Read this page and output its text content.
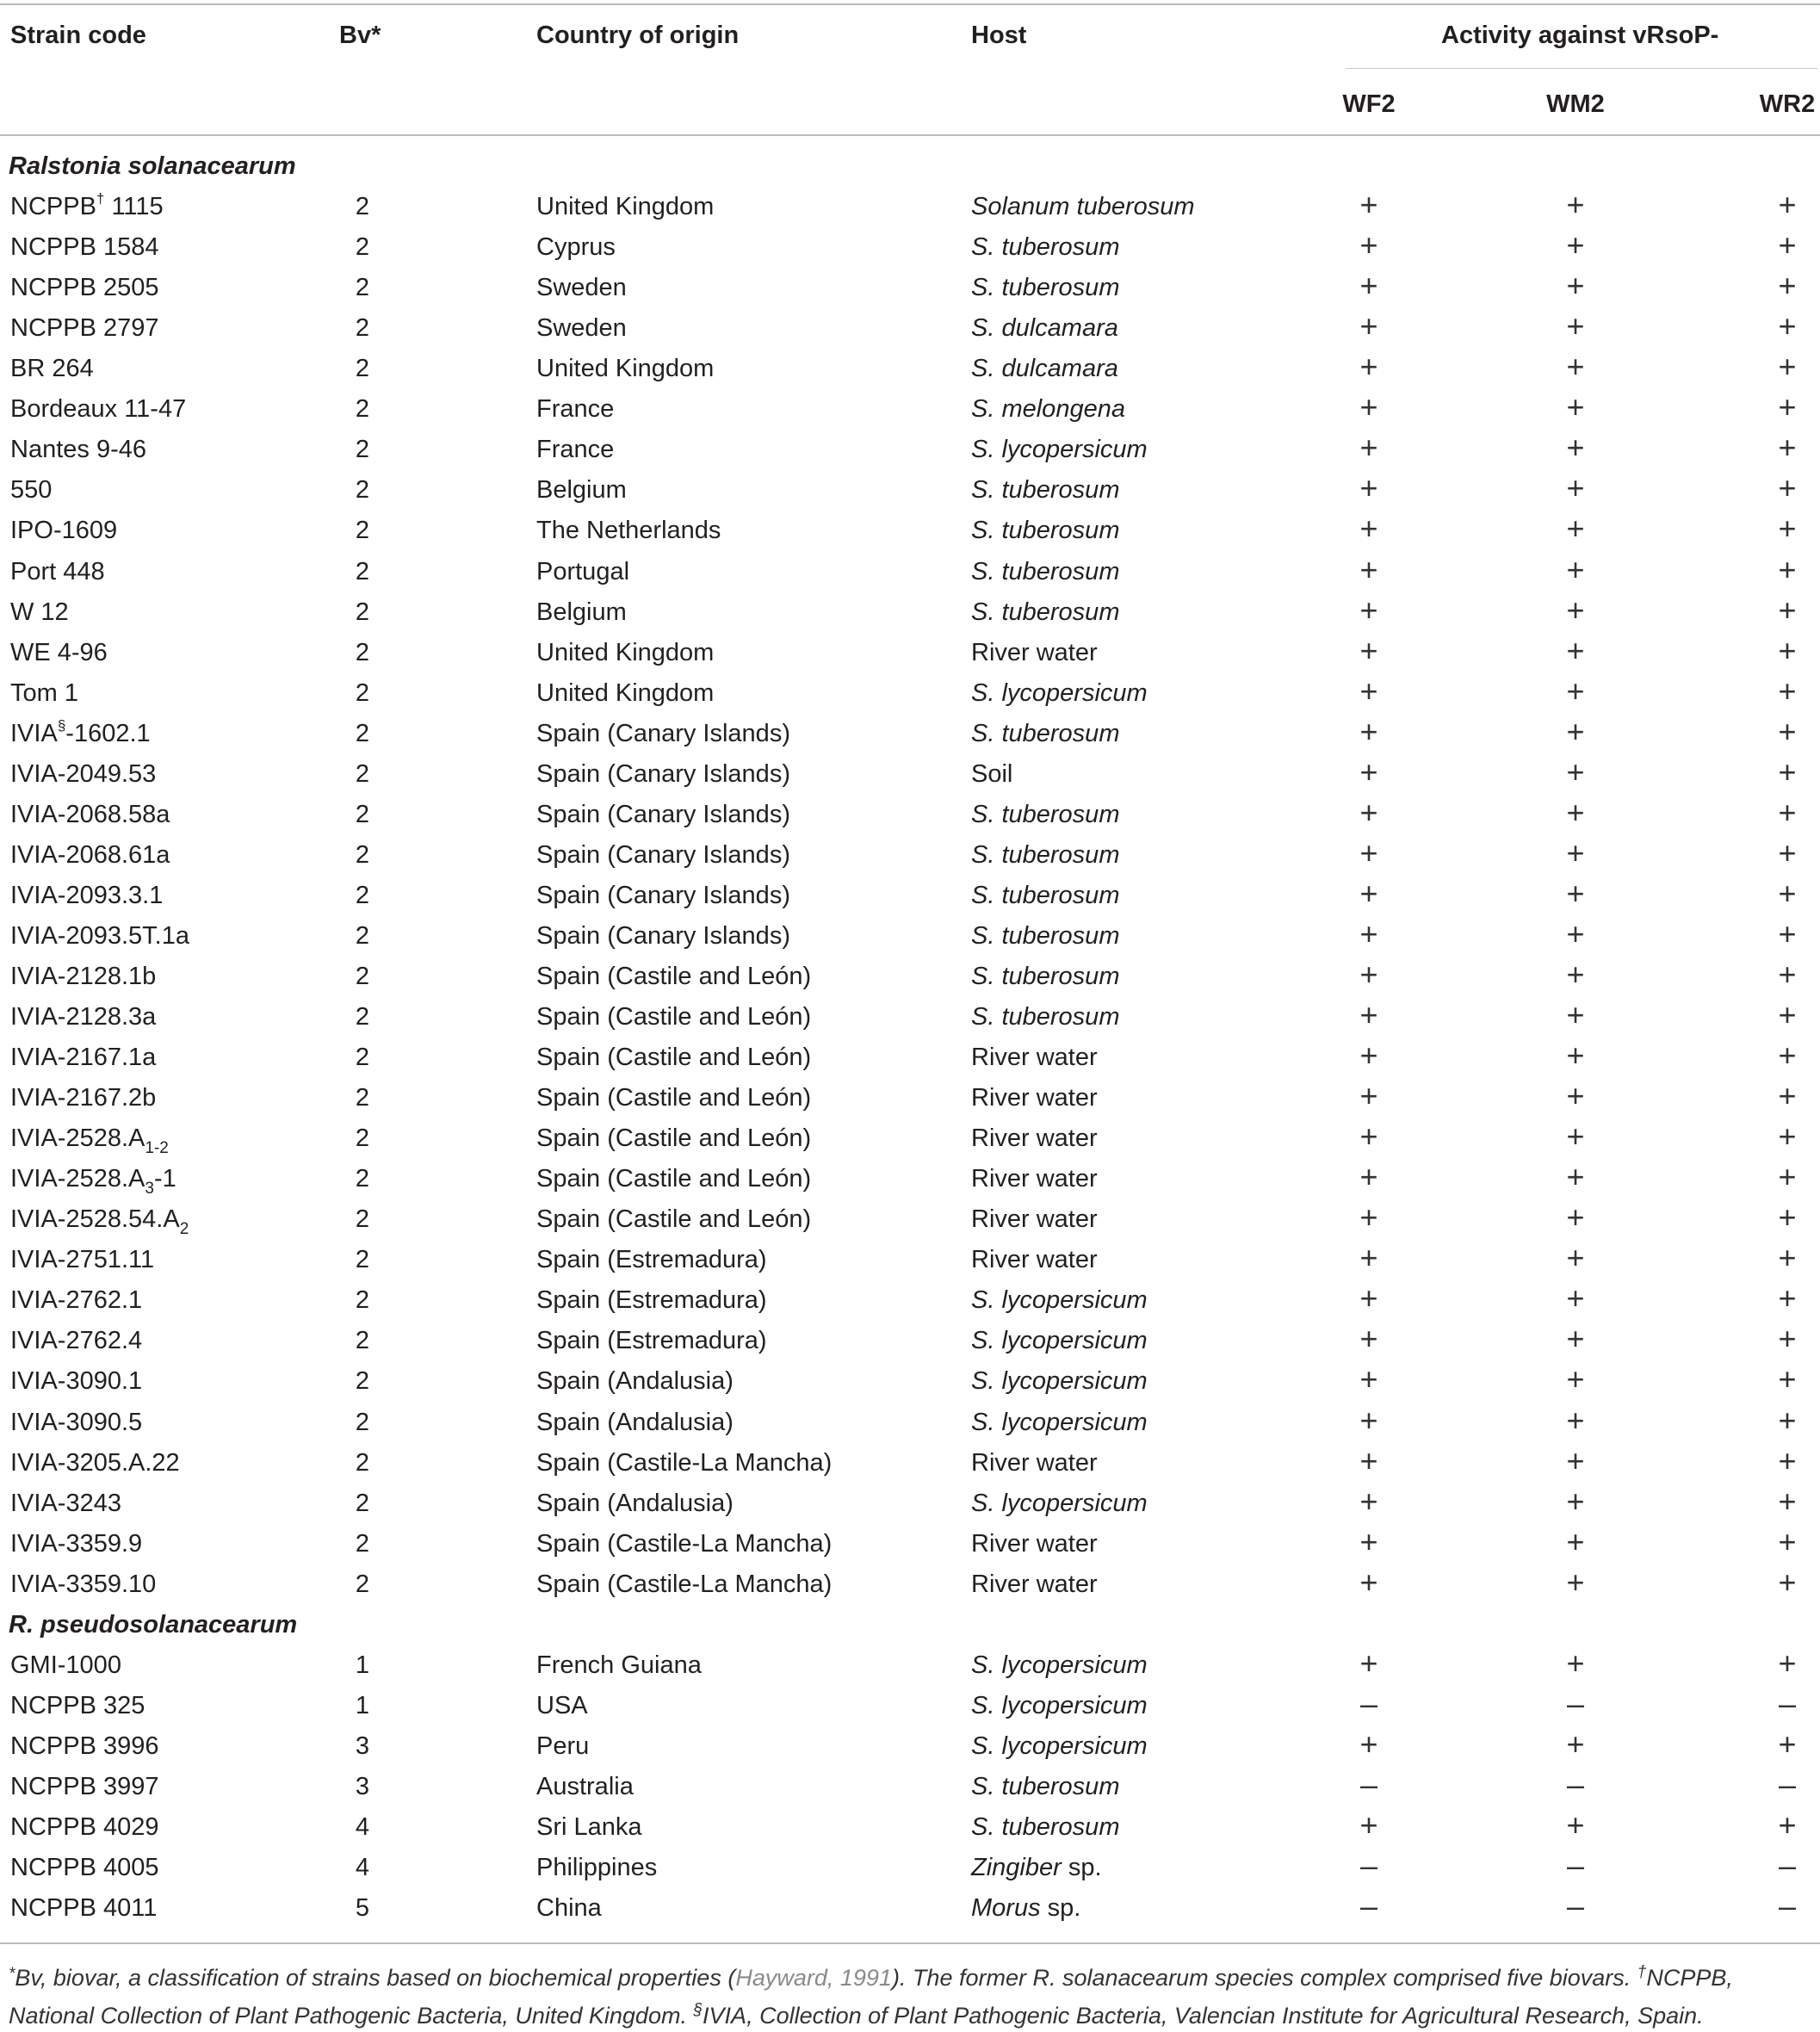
Strain code	Bv*	Country of origin	Host	Activity against vRsoP-
WF2	WM2	WR2
Ralstonia solanacearum
NCPPB† 1115	2	United Kingdom	Solanum tuberosum	+	+	+
NCPPB 1584	2	Cyprus	S. tuberosum	+	+	+
NCPPB 2505	2	Sweden	S. tuberosum	+	+	+
NCPPB 2797	2	Sweden	S. dulcamara	+	+	+
BR 264	2	United Kingdom	S. dulcamara	+	+	+
Bordeaux 11-47	2	France	S. melongena	+	+	+
Nantes 9-46	2	France	S. lycopersicum	+	+	+
550	2	Belgium	S. tuberosum	+	+	+
IPO-1609	2	The Netherlands	S. tuberosum	+	+	+
Port 448	2	Portugal	S. tuberosum	+	+	+
W 12	2	Belgium	S. tuberosum	+	+	+
WE 4-96	2	United Kingdom	River water	+	+	+
Tom 1	2	United Kingdom	S. lycopersicum	+	+	+
IVIA§-1602.1	2	Spain (Canary Islands)	S. tuberosum	+	+	+
IVIA-2049.53	2	Spain (Canary Islands)	Soil	+	+	+
IVIA-2068.58a	2	Spain (Canary Islands)	S. tuberosum	+	+	+
IVIA-2068.61a	2	Spain (Canary Islands)	S. tuberosum	+	+	+
IVIA-2093.3.1	2	Spain (Canary Islands)	S. tuberosum	+	+	+
IVIA-2093.5T.1a	2	Spain (Canary Islands)	S. tuberosum	+	+	+
IVIA-2128.1b	2	Spain (Castile and León)	S. tuberosum	+	+	+
IVIA-2128.3a	2	Spain (Castile and León)	S. tuberosum	+	+	+
IVIA-2167.1a	2	Spain (Castile and León)	River water	+	+	+
IVIA-2167.2b	2	Spain (Castile and León)	River water	+	+	+
IVIA-$2528.A_{1-2}$	2	Spain (Castile and León)	River water	+	+	+
IVIA-$2528.A_3-1$	2	Spain (Castile and León)	River water	+	+	+
IVIA-$2528.54.A_2$	2	Spain (Castile and León)	River water	+	+	+
IVIA-2751.11	2	Spain (Estremadura)	River water	+	+	+
IVIA-2762.1	2	Spain (Estremadura)	S. lycopersicum	+	+	+
IVIA-2762.4	2	Spain (Estremadura)	S. lycopersicum	+	+	+
IVIA-3090.1	2	Spain (Andalusia)	S. lycopersicum	+	+	+
IVIA-3090.5	2	Spain (Andalusia)	S. lycopersicum	+	+	+
IVIA-3205.A.22	2	Spain (Castile-La Mancha)	River water	+	+	+
IVIA-3243	2	Spain (Andalusia)	S. lycopersicum	+	+	+
IVIA-3359.9	2	Spain (Castile-La Mancha)	River water	+	+	+
IVIA-3359.10	2	Spain (Castile-La Mancha)	River water	+	+	+
R. pseudosolanacearum
GMI-1000	1	French Guiana	S. lycopersicum	+	+	+
NCPPB 325	1	USA	S. lycopersicum	–	–	–
NCPPB 3996	3	Peru	S. lycopersicum	+	+	+
NCPPB 3997	3	Australia	S. tuberosum	–	–	–
NCPPB 4029	4	Sri Lanka	S. tuberosum	+	+	+
NCPPB 4005	4	Philippines	Zingiber sp.	–	–	–
NCPPB 4011	5	China	Morus sp.	–	–	–
*Bv, biovar, a classification of strains based on biochemical properties (Hayward, 1991). The former R. solanacearum species complex comprised five biovars. †NCPPB, National Collection of Plant Pathogenic Bacteria, United Kingdom. §IVIA, Collection of Plant Pathogenic Bacteria, Valencian Institute for Agricultural Research, Spain.
